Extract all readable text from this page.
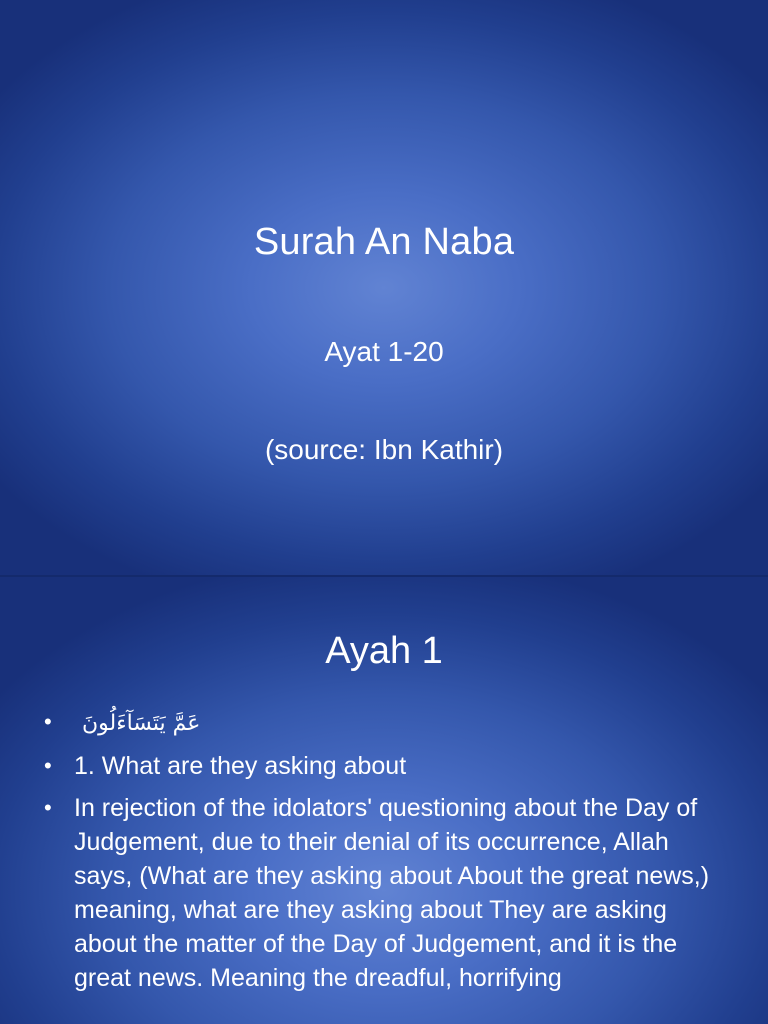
Surah An Naba
Ayat 1-20
(source: Ibn Kathir)
Ayah 1
•	عَمَّ يَتَسَآءَلُونَ
• 1. What are they asking about
• In rejection of the idolators' questioning about the Day of Judgement, due to their denial of its occurrence, Allah says, (What are they asking about About the great news,) meaning, what are they asking about They are asking about the matter of the Day of Judgement, and it is the great news. Meaning the dreadful, horrifying
